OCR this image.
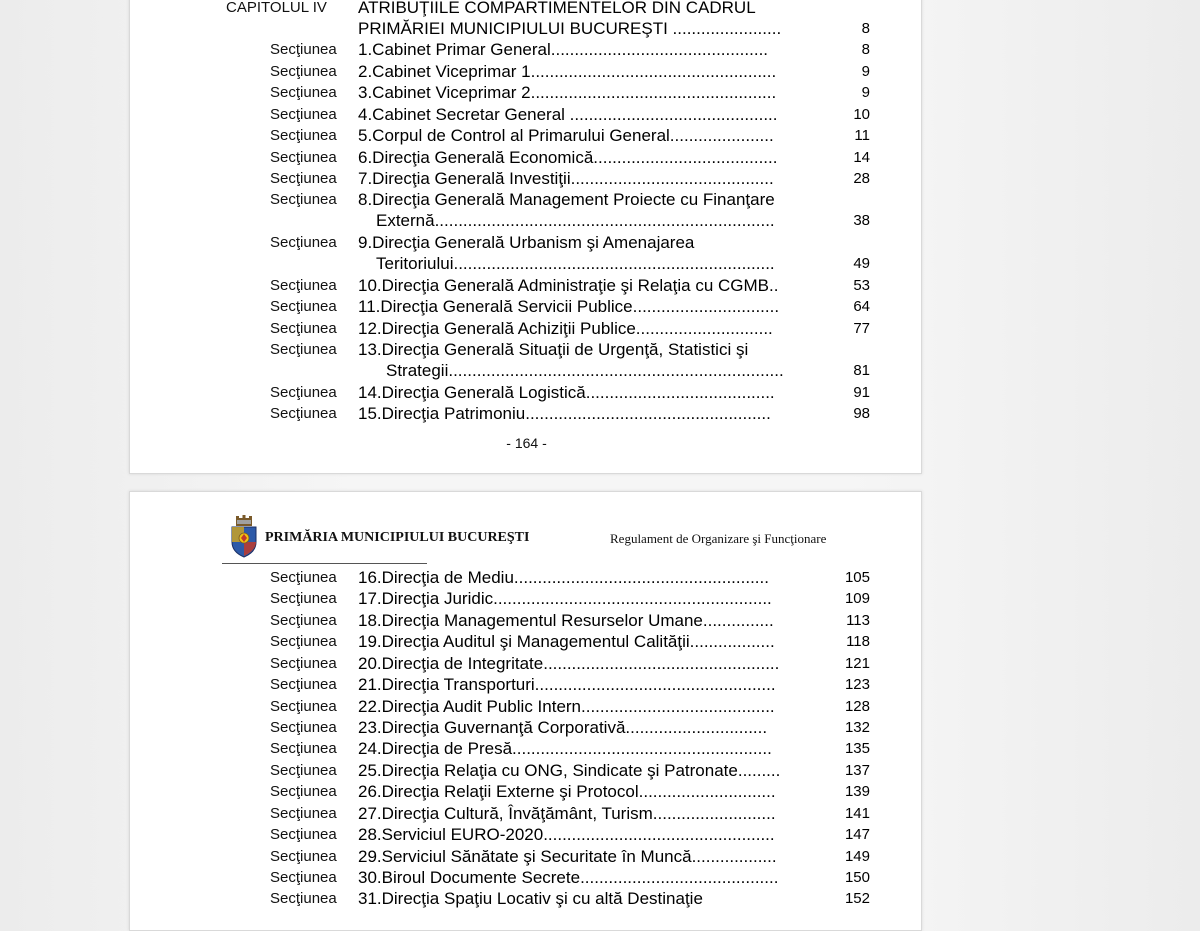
CAPITOLUL IV ATRIBUŢIILE COMPARTIMENTELOR DIN CADRUL
PRIMĂRIEI MUNICIPIULUI BUCUREŞTI .......................	8
Secţiunea 1.Cabinet Primar General..............................................	8
Secţiunea 2.Cabinet Viceprimar 1....................................................	9
Secţiunea 3.Cabinet Viceprimar 2....................................................	9
Secţiunea 4.Cabinet Secretar General ............................................	10
Secţiunea 5.Corpul de Control al Primarului General......................	11
Secţiunea 6.Direcţia Generală Economică.......................................	14
Secţiunea 7.Direcţia Generală Investiţii...........................................	28
Secţiunea 8.Direcţia Generală Management Proiecte cu Finanţare
Externă........................................................................	38
Secţiunea 9.Direcţia Generală Urbanism şi Amenajarea
Teritoriului....................................................................	49
Secţiunea 10.Direcţia Generală Administraţie şi Relaţia cu CGMB..	53
Secţiunea 11.Direcţia Generală Servicii Publice...............................	64
Secţiunea 12.Direcţia Generală Achiziţii Publice.............................	77
Secţiunea 13.Direcţia Generală Situaţii de Urgenţă, Statistici şi
Strategii.......................................................................	81
Secţiunea 14.Direcţia Generală Logistică........................................	91
Secţiunea 15.Direcţia Patrimoniu....................................................	98
- 164 -
PRIMĂRIA MUNICIPIULUI BUCUREŞTI	Regulament de Organizare şi Funcţionare
Secţiunea 16.Direcţia de Mediu......................................................	105
Secţiunea 17.Direcţia Juridic...........................................................	109
Secţiunea 18.Direcţia Managementul Resurselor Umane...............	113
Secţiunea 19.Direcţia Auditul şi Managementul Calităţii..................	118
Secţiunea 20.Direcţia de Integritate..................................................	121
Secţiunea 21.Direcţia Transporturi...................................................	123
Secţiunea 22.Direcţia Audit Public Intern.........................................	128
Secţiunea 23.Direcţia Guvernanţă Corporativă..............................	132
Secţiunea 24.Direcţia de Presă.......................................................	135
Secţiunea 25.Direcţia Relaţia cu ONG, Sindicate şi Patronate.........	137
Secţiunea 26.Direcţia Relaţii Externe şi Protocol.............................	139
Secţiunea 27.Direcţia Cultură, Învăţământ, Turism..........................	141
Secţiunea 28.Serviciul EURO-2020.................................................	147
Secţiunea 29.Serviciul Sănătate şi Securitate în Muncă..................	149
Secţiunea 30.Biroul Documente Secrete..........................................	150
Secţiunea 31.Direcţia Spaţiu Locativ şi cu altă Destinaţie	152
